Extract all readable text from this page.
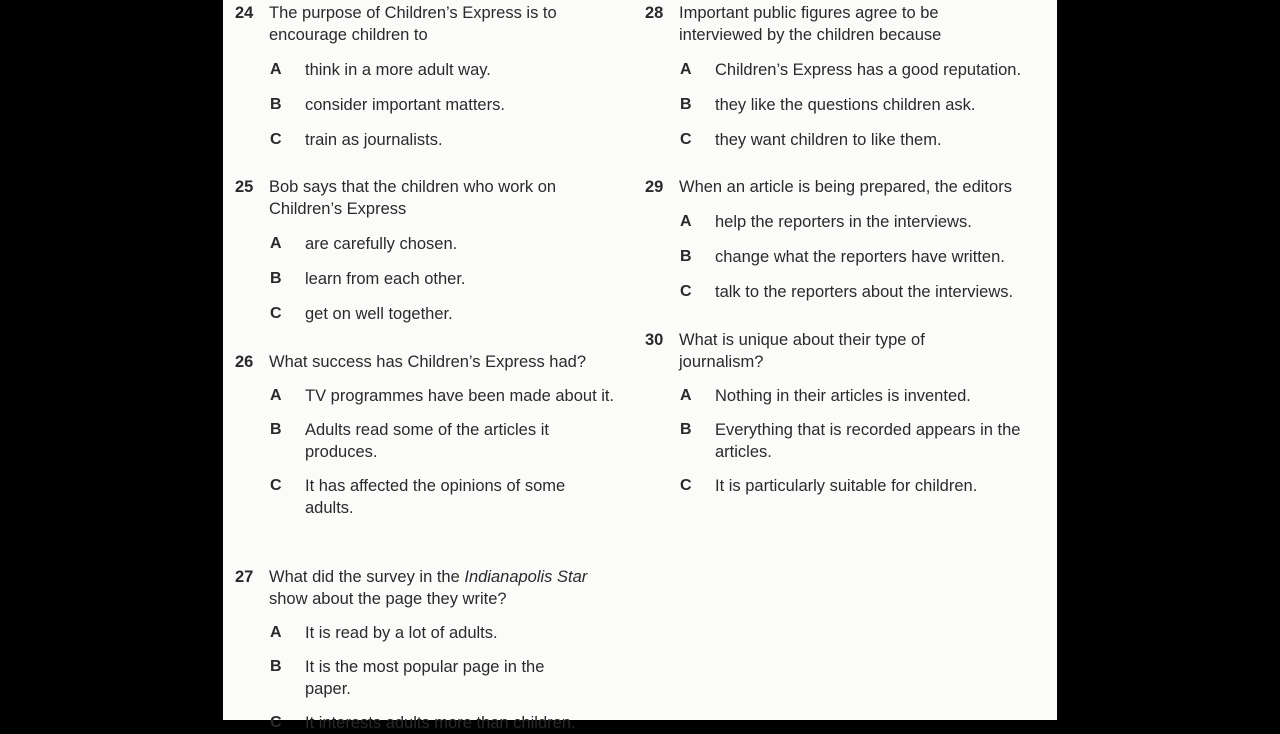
24 The purpose of Children’s Express is to encourage children to
A think in a more adult way.
B consider important matters.
C train as journalists.
25 Bob says that the children who work on Children’s Express
A are carefully chosen.
B learn from each other.
C get on well together.
26 What success has Children’s Express had?
A TV programmes have been made about it.
B Adults read some of the articles it produces.
C It has affected the opinions of some adults.
27 What did the survey in the Indianapolis Star show about the page they write?
A It is read by a lot of adults.
B It is the most popular page in the paper.
C It interests adults more than children.
28 Important public figures agree to be interviewed by the children because
A Children’s Express has a good reputation.
B they like the questions children ask.
C they want children to like them.
29 When an article is being prepared, the editors
A help the reporters in the interviews.
B change what the reporters have written.
C talk to the reporters about the interviews.
30 What is unique about their type of journalism?
A Nothing in their articles is invented.
B Everything that is recorded appears in the articles.
C It is particularly suitable for children.
